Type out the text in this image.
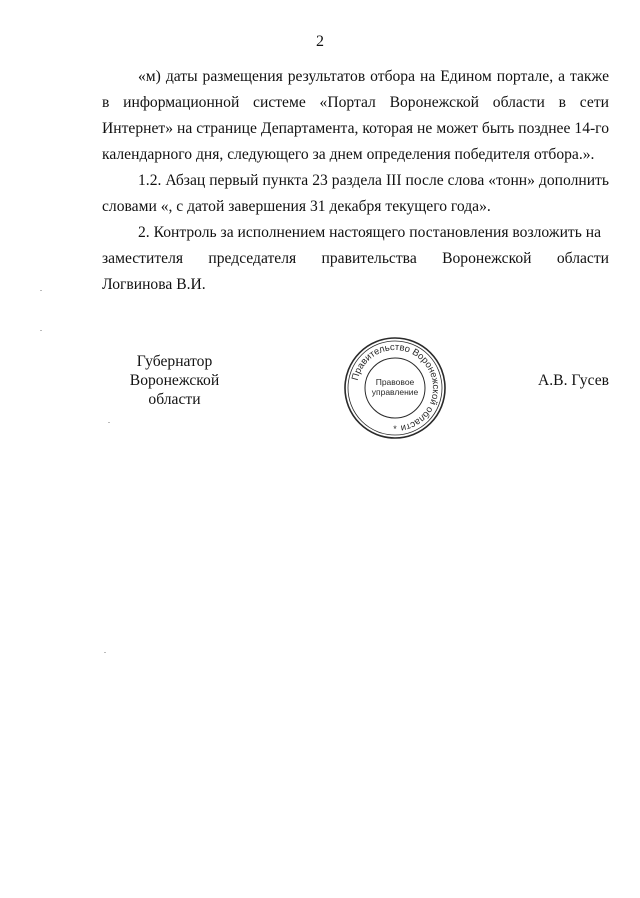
2

«м) даты размещения результатов отбора на Едином портале, а также в информационной системе «Портал Воронежской области в сети Интернет» на странице Департамента, которая не может быть позднее 14-го календарного дня, следующего за днем определения победителя отбора.».

1.2. Абзац первый пункта 23 раздела III после слова «тонн» дополнить словами «, с датой завершения 31 декабря текущего года».

2. Контроль за исполнением настоящего постановления возложить на
заместителя председателя правительства Воронежской области
Логвинова В.И.

Губернатор
Воронежской области
Правительство Воронежской области
Правовое
управление
*
А.В. Гусев
